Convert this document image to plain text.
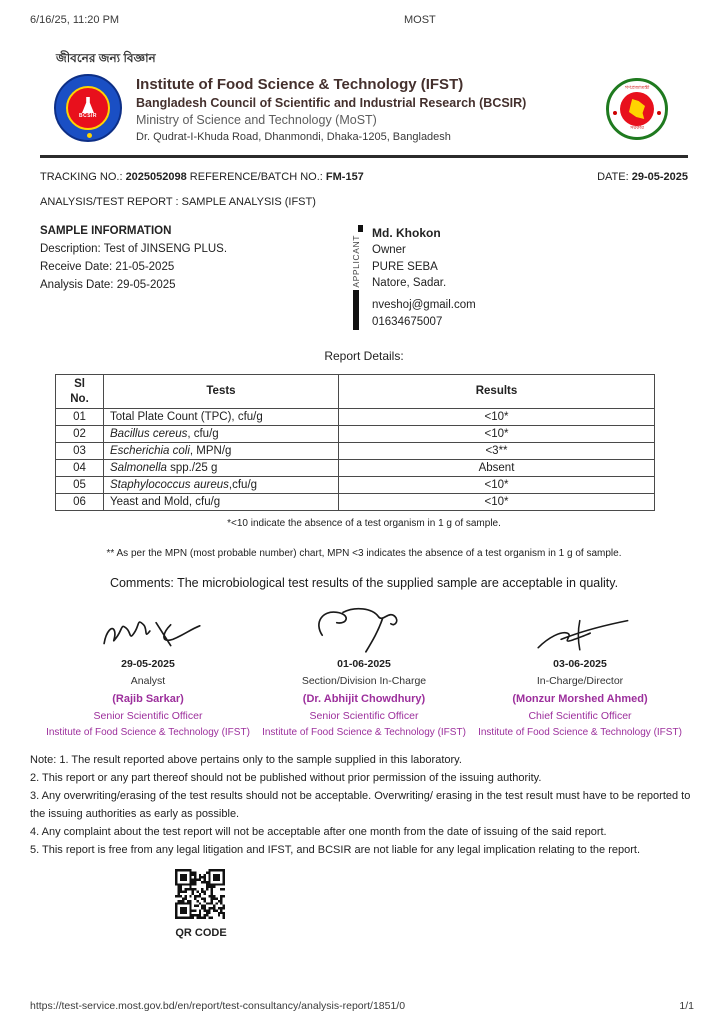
6/16/25, 11:20 PM	MOST
জীবনের জন্য বিজ্ঞান
BCSIR
Institute of Food Science & Technology (IFST)
Bangladesh Council of Scientific and Industrial Research (BCSIR)
Ministry of Science and Technology (MoST)
Dr. Qudrat-I-Khuda Road, Dhanmondi, Dhaka-1205, Bangladesh
গণপ্রজাতন্ত্রী
সরকার
TRACKING NO.: 2025052098 REFERENCE/BATCH NO.: FM-157	DATE: 29-05-2025
ANALYSIS/TEST REPORT : SAMPLE ANALYSIS (IFST)
SAMPLE INFORMATION
Description: Test of JINSENG PLUS.
Receive Date: 21-05-2025
Analysis Date: 29-05-2025	APPLICANT
Md. Khokon
Owner
PURE SEBA
Natore, Sadar.
nveshoj@gmail.com
01634675007
Report Details:
Sl
No.	Tests	Results
01	Total Plate Count (TPC), cfu/g	<10*
02	Bacillus cereus, cfu/g	<10*
03	Escherichia coli, MPN/g	<3**
04	Salmonella spp./25 g	Absent
05	Staphylococcus aureus,cfu/g	<10*
06	Yeast and Mold, cfu/g	<10*
*<10 indicate the absence of a test organism in 1 g of sample.
** As per the MPN (most probable number) chart, MPN <3 indicates the absence of a test organism in 1 g of sample.
Comments: The microbiological test results of the supplied sample are acceptable in quality.
29-05-2025
Analyst
(Rajib Sarkar)
Senior Scientific Officer
Institute of Food Science & Technology (IFST)
01-06-2025
Section/Division In-Charge
(Dr. Abhijit Chowdhury)
Senior Scientific Officer
Institute of Food Science & Technology (IFST)
03-06-2025
In-Charge/Director
(Monzur Morshed Ahmed)
Chief Scientific Officer
Institute of Food Science & Technology (IFST)
Note: 1. The result reported above pertains only to the sample supplied in this laboratory.
2. This report or any part thereof should not be published without prior permission of the issuing authority.
3. Any overwriting/erasing of the test results should not be acceptable. Overwriting/ erasing in the test result must have to be reported to the issuing authorities as early as possible.
4. Any complaint about the test report will not be acceptable after one month from the date of issuing of the said report.
5. This report is free from any legal litigation and IFST, and BCSIR are not liable for any legal implication relating to the report.
QR CODE
https://test-service.most.gov.bd/en/report/test-consultancy/analysis-report/1851/0	1/1
